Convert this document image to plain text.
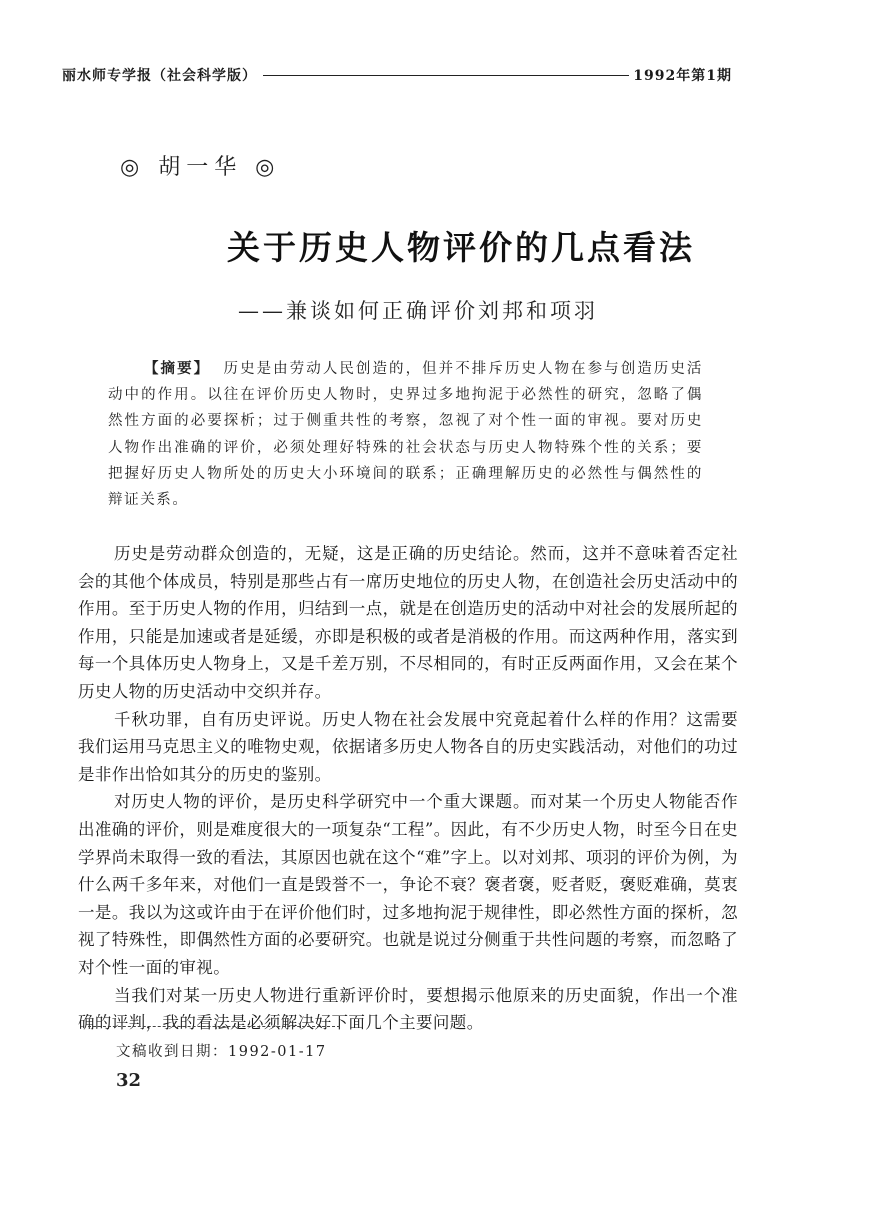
丽水师专学报（社会科学版）	1992年第1期
◎ 胡一华 ◎
关于历史人物评价的几点看法
——兼谈如何正确评价刘邦和项羽
【摘要】 历史是由劳动人民创造的，但并不排斥历史人物在参与创造历史活动中的作用。以往在评价历史人物时，史界过多地拘泥于必然性的研究，忽略了偶然性方面的必要探析；过于侧重共性的考察，忽视了对个性一面的审视。要对历史人物作出准确的评价，必须处理好特殊的社会状态与历史人物特殊个性的关系；要把握好历史人物所处的历史大小环境间的联系；正确理解历史的必然性与偶然性的辩证关系。

历史是劳动群众创造的，无疑，这是正确的历史结论。然而，这并不意味着否定社会的其他个体成员，特别是那些占有一席历史地位的历史人物，在创造社会历史活动中的作用。至于历史人物的作用，归结到一点，就是在创造历史的活动中对社会的发展所起的作用，只能是加速或者是延缓，亦即是积极的或者是消极的作用。而这两种作用，落实到每一个具体历史人物身上，又是千差万别，不尽相同的，有时正反两面作用，又会在某个历史人物的历史活动中交织并存。

千秋功罪，自有历史评说。历史人物在社会发展中究竟起着什么样的作用？这需要我们运用马克思主义的唯物史观，依据诸多历史人物各自的历史实践活动，对他们的功过是非作出恰如其分的历史的鉴别。

对历史人物的评价，是历史科学研究中一个重大课题。而对某一个历史人物能否作出准确的评价，则是难度很大的一项复杂“工程”。因此，有不少历史人物，时至今日在史学界尚未取得一致的看法，其原因也就在这个“难”字上。以对刘邦、项羽的评价为例，为什么两千多年来，对他们一直是毁誉不一，争论不衰？褒者褒，贬者贬，褒贬难确，莫衷一是。我以为这或许由于在评价他们时，过多地拘泥于规律性，即必然性方面的探析，忽视了特殊性，即偶然性方面的必要研究。也就是说过分侧重于共性问题的考察，而忽略了对个性一面的审视。

当我们对某一历史人物进行重新评价时，要想揭示他原来的历史面貌，作出一个准确的评判，我的看法是必须解决好下面几个主要问题。

文稿收到日期：1992-01-17
32
